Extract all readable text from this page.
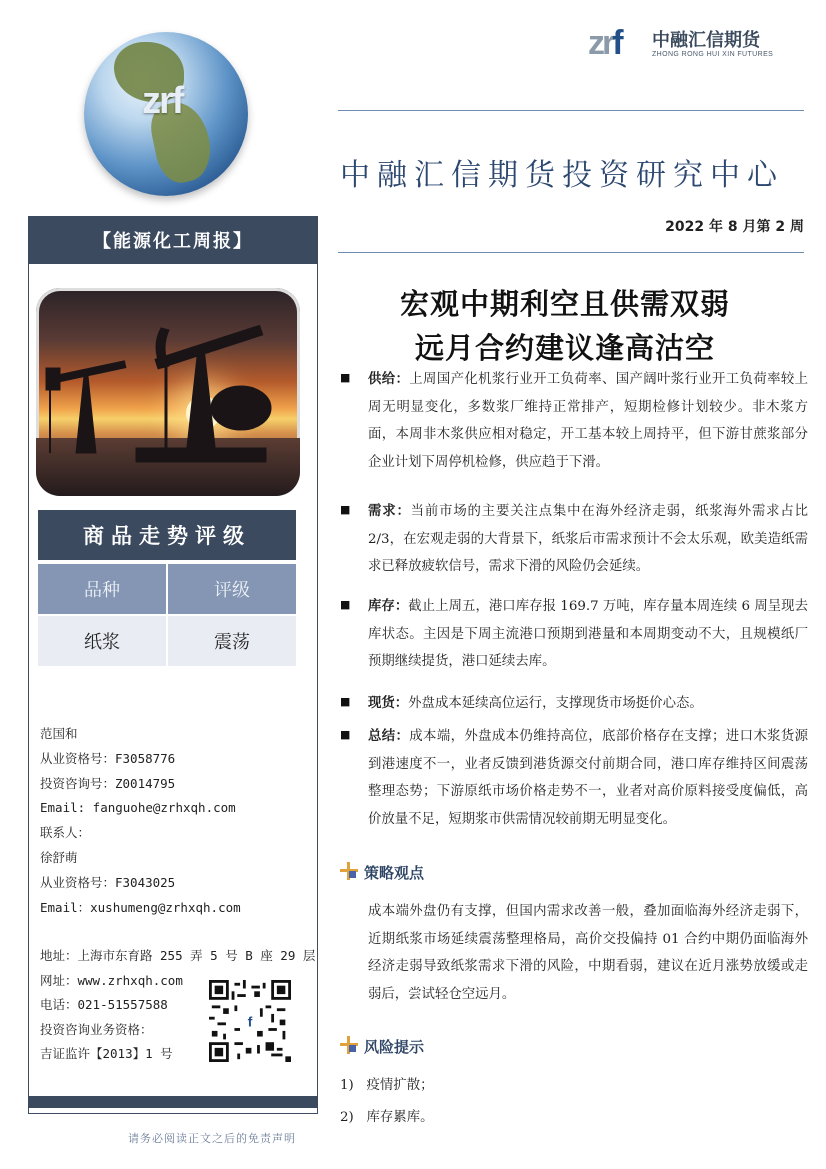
zrf
zrf 中融汇信期货
ZHONG RONG HUI XIN FUTURES
中融汇信期货投资研究中心
2022 年 8 月第 2 周
【能源化工周报】
商品走势评级
品种	评级
纸浆	震荡
范国和
从业资格号：F3058776
投资咨询号：Z0014795
Email: fanguohe@zrhxqh.com
联系人：
徐舒萌
从业资格号：F3043025
Email：xushumeng@zrhxqh.com
地址：上海市东育路 255 弄 5 号 B 座 29 层
网址：www.zrhxqh.com
电话：021-51557588
投资咨询业务资格：
吉证监许【2013】1 号
f
请务必阅读正文之后的免责声明
宏观中期利空且供需双弱
远月合约建议逢高沽空
■ 供给：上周国产化机浆行业开工负荷率、国产阔叶浆行业开工负荷率较上周无明显变化，多数浆厂维持正常排产，短期检修计划较少。非木浆方面，本周非木浆供应相对稳定，开工基本较上周持平，但下游甘蔗浆部分企业计划下周停机检修，供应趋于下滑。
■ 需求：当前市场的主要关注点集中在海外经济走弱，纸浆海外需求占比 2/3，在宏观走弱的大背景下，纸浆后市需求预计不会太乐观，欧美造纸需求已释放疲软信号，需求下滑的风险仍会延续。
■ 库存：截止上周五，港口库存报 169.7 万吨，库存量本周连续 6 周呈现去库状态。主因是下周主流港口预期到港量和本周期变动不大，且规模纸厂预期继续提货，港口延续去库。
■ 现货：外盘成本延续高位运行，支撑现货市场挺价心态。
■ 总结：成本端，外盘成本仍维持高位，底部价格存在支撑；进口木浆货源到港速度不一，业者反馈到港货源交付前期合同，港口库存维持区间震荡整理态势；下游原纸市场价格走势不一，业者对高价原料接受度偏低，高价放量不足，短期浆市供需情况较前期无明显变化。
策略观点
成本端外盘仍有支撑，但国内需求改善一般，叠加面临海外经济走弱下，近期纸浆市场延续震荡整理格局，高价交投偏持 01 合约中期仍面临海外经济走弱导致纸浆需求下滑的风险，中期看弱，建议在近月涨势放缓或走弱后，尝试轻仓空远月。
风险提示
1) 疫情扩散；
2) 库存累库。
